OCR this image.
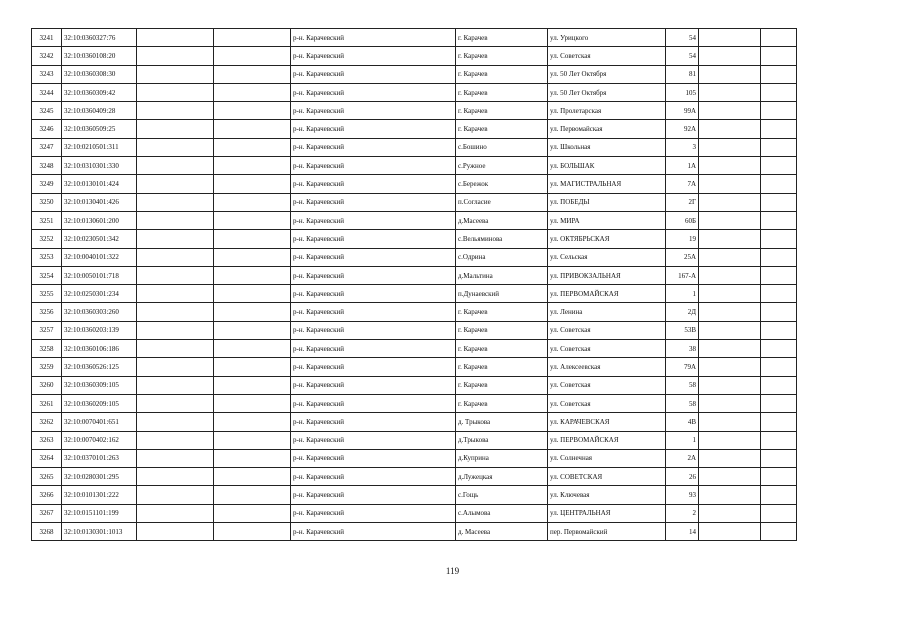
3241	32:10:0360327:76			р-н. Карачевский	г. Карачев	ул. Урицкого	54		
3242	32:10:0360108:20			р-н. Карачевский	г. Карачев	ул. Советская	54		
3243	32:10:0360308:30			р-н. Карачевский	г. Карачев	ул. 50 Лет Октября	81		
3244	32:10:0360309:42			р-н. Карачевский	г. Карачев	ул. 50 Лет Октября	105		
3245	32:10:0360409:28			р-н. Карачевский	г. Карачев	ул. Пролетарская	99А		
3246	32:10:0360509:25			р-н. Карачевский	г. Карачев	ул. Первомайская	92А		
3247	32:10:0210501:311			р-н. Карачевский	с.Бошино	ул. Школьная	3		
3248	32:10:0310301:330			р-н. Карачевский	с.Ружное	ул. БОЛЬШАК	1А		
3249	32:10:0130101:424			р-н. Карачевский	с.Бережок	ул. МАГИСТРАЛЬНАЯ	7А		
3250	32:10:0130401:426			р-н. Карачевский	п.Согласие	ул. ПОБЕДЫ	2Г		
3251	32:10:0130601:200			р-н. Карачевский	д.Масеева	ул. МИРА	60Б		
3252	32:10:0230501:342			р-н. Карачевский	с.Вельяминова	ул. ОКТЯБРЬСКАЯ	19		
3253	32:10:0040101:322			р-н. Карачевский	с.Одрина	ул. Сельская	25А		
3254	32:10:0050101:718			р-н. Карачевский	д.Мальтина	ул. ПРИВОКЗАЛЬНАЯ	167-А		
3255	32:10:0250301:234			р-н. Карачевский	п.Дунаевский	ул. ПЕРВОМАЙСКАЯ	1		
3256	32:10:0360303:260			р-н. Карачевский	г. Карачев	ул. Ленина	2Д		
3257	32:10:0360203:139			р-н. Карачевский	г. Карачев	ул. Советская	53В		
3258	32:10:0360106:186			р-н. Карачевский	г. Карачев	ул. Советская	38		
3259	32:10:0360526:125			р-н. Карачевский	г. Карачев	ул. Алексеевская	79А		
3260	32:10:0360309:105			р-н. Карачевский	г. Карачев	ул. Советская	58		
3261	32:10:0360209:105			р-н. Карачевский	г. Карачев	ул. Советская	58		
3262	32:10:0070401:651			р-н. Карачевский	д. Трыкова	ул. КАРАЧЕВСКАЯ	4В		
3263	32:10:0070402:162			р-н. Карачевский	д.Трыкова	ул. ПЕРВОМАЙСКАЯ	1		
3264	32:10:0370101:263			р-н. Карачевский	д.Куприна	ул. Солнечная	2А		
3265	32:10:0280301:295			р-н. Карачевский	д.Лужецкая	ул. СОВЕТСКАЯ	26		
3266	32:10:0101301:222			р-н. Карачевский	с.Гощь	ул. Ключевая	93		
3267	32:10:0151101:199			р-н. Карачевский	с.Алымова	ул. ЦЕНТРАЛЬНАЯ	2		
3268	32:10:0130301:1013			р-н. Карачевский	д. Масеева	пер. Первомайский	14		
119
